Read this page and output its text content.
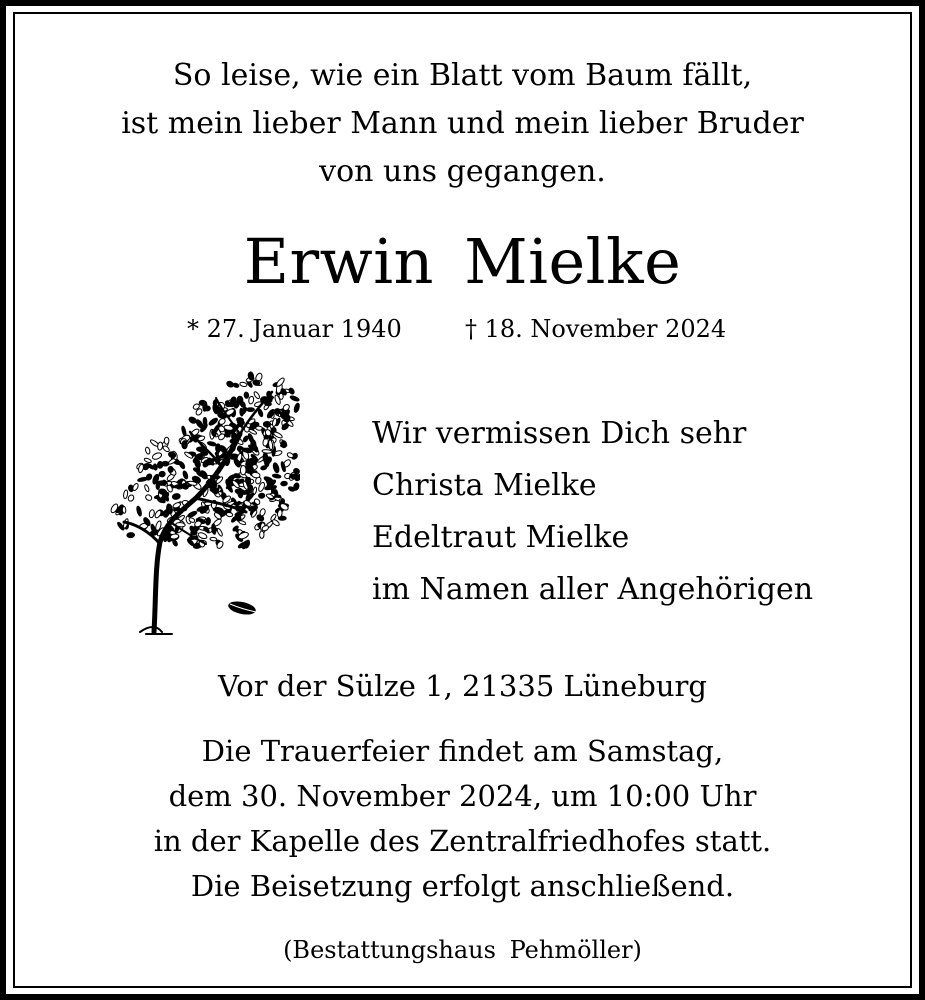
So leise, wie ein Blatt vom Baum fällt,
ist mein lieber Mann und mein lieber Bruder
von uns gegangen.
Erwin Mielke
* 27. Januar 1940	† 18. November 2024
Wir vermissen Dich sehr
Christa Mielke
Edeltraut Mielke
im Namen aller Angehörigen
Vor der Sülze 1, 21335 Lüneburg
Die Trauerfeier findet am Samstag,
dem 30. November 2024, um 10:00 Uhr
in der Kapelle des Zentralfriedhofes statt.
Die Beisetzung erfolgt anschließend.
(Bestattungshaus Pehmöller)
